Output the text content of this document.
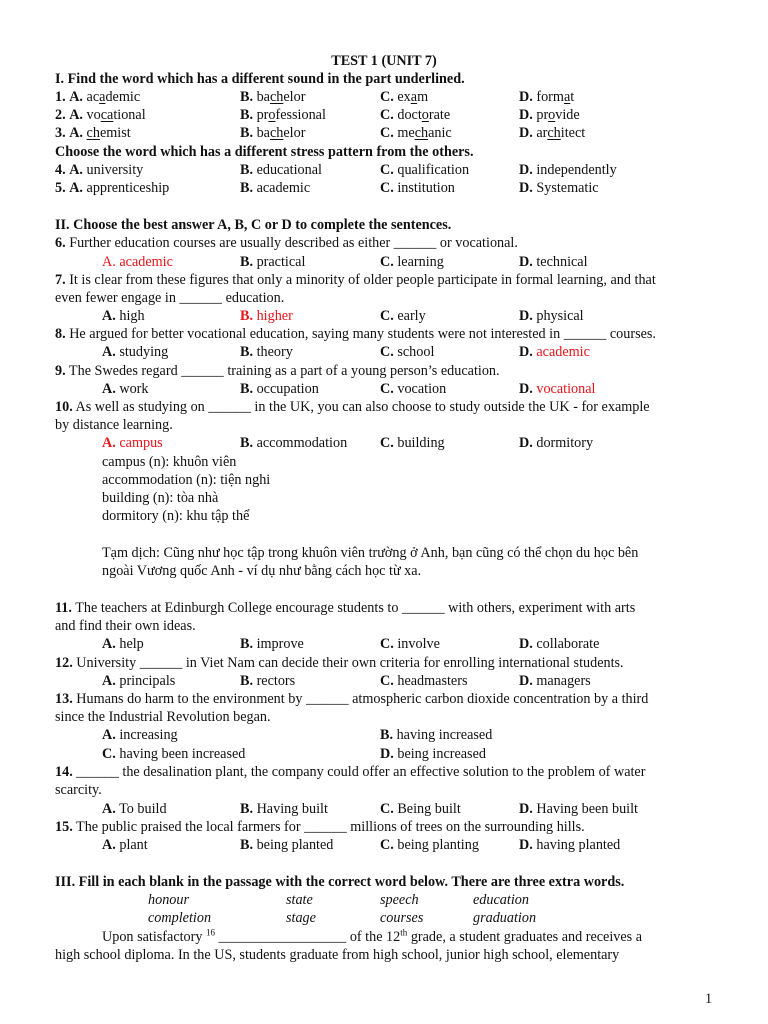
TEST 1 (UNIT 7)
I. Find the word which has a different sound in the part underlined.
1. A. academic	B. bachelor	C. exam	D. format
2. A. vocational	B. professional	C. doctorate	D. provide
3. A. chemist	B. bachelor	C. mechanic	D. architect
Choose the word which has a different stress pattern from the others.
4. A. university	B. educational	C. qualification	D. independently
5. A. apprenticeship	B. academic	C. institution	D. Systematic
II. Choose the best answer A, B, C or D to complete the sentences.
6. Further education courses are usually described as either ______ or vocational.
A. academic	B. practical	C. learning	D. technical
7. It is clear from these figures that only a minority of older people participate in formal learning, and that
even fewer engage in ______ education.
A. high	B. higher	C. early	D. physical
8. He argued for better vocational education, saying many students were not interested in ______ courses.
A. studying	B. theory	C. school	D. academic
9. The Swedes regard ______ training as a part of a young person’s education.
A. work	B. occupation	C. vocation	D. vocational
10. As well as studying on ______ in the UK, you can also choose to study outside the UK - for example
by distance learning.
A. campus	B. accommodation C. building	D. dormitory
campus (n): khuôn viên
accommodation (n): tiện nghi
building (n): tòa nhà
dormitory (n): khu tập thể
Tạm dịch: Cũng như học tập trong khuôn viên trường ở Anh, bạn cũng có thể chọn du học bên
ngoài Vương quốc Anh - ví dụ như bằng cách học từ xa.
11. The teachers at Edinburgh College encourage students to ______ with others, experiment with arts
and find their own ideas.
A. help	B. improve	C. involve	D. collaborate
12. University ______ in Viet Nam can decide their own criteria for enrolling international students.
A. principals	B. rectors	C. headmasters	D. managers
13. Humans do harm to the environment by ______ atmospheric carbon dioxide concentration by a third
since the Industrial Revolution began.
A. increasing	B. having increased
C. having been increased	D. being increased
14. ______ the desalination plant, the company could offer an effective solution to the problem of water
scarcity.
A. To build	B. Having built	C. Being built	D. Having been built
15. The public praised the local farmers for ______ millions of trees on the surrounding hills.
A. plant	B. being planted	C. being planting	D. having planted
III. Fill in each blank in the passage with the correct word below. There are three extra words.
honour	state	speech	education
completion	stage	courses	graduation
Upon satisfactory $^{16}$ __________________ of the 12th grade, a student graduates and receives a
high school diploma. In the US, students graduate from high school, junior high school, elementary
1
